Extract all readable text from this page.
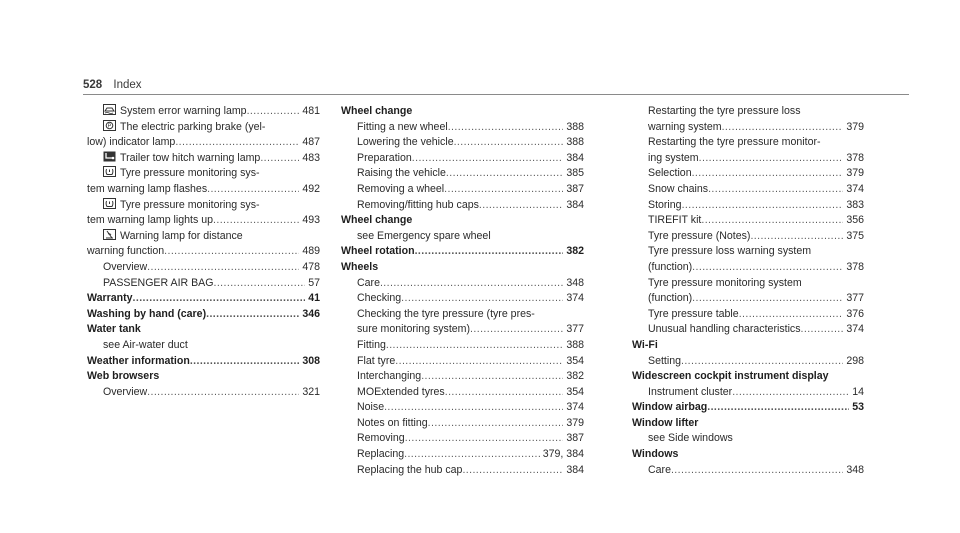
528 Index
System error warning lamp .....	481
P The electric parking brake (yel-
low) indicator lamp .....	487
Trailer tow hitch warning lamp .....	483
Tyre pressure monitoring sys-
tem warning lamp flashes .....	492
Tyre pressure monitoring sys-
tem warning lamp lights up .....	493
Warning lamp for distance
warning function .....	489
Overview .....	478
PASSENGER AIR BAG .....	57
Warranty .....	41
Washing by hand (care) .....	346
Water tank
see Air-water duct
Weather information .....	308
Web browsers
Overview .....	321
Wheel change
Fitting a new wheel .....	388
Lowering the vehicle .....	388
Preparation .....	384
Raising the vehicle .....	385
Removing a wheel .....	387
Removing/fitting hub caps .....	384
Wheel change
see Emergency spare wheel
Wheel rotation .....	382
Wheels
Care .....	348
Checking .....	374
Checking the tyre pressure (tyre pres-
sure monitoring system) .....	377
Fitting .....	388
Flat tyre .....	354
Interchanging .....	382
MOExtended tyres .....	354
Noise .....	374
Notes on fitting .....	379
Removing .....	387
Replacing .....	379, 384
Replacing the hub cap .....	384
Restarting the tyre pressure loss
warning system .....	379
Restarting the tyre pressure monitor-
ing system .....	378
Selection .....	379
Snow chains .....	374
Storing .....	383
TIREFIT kit .....	356
Tyre pressure (Notes) .....	375
Tyre pressure loss warning system
(function) .....	378
Tyre pressure monitoring system
(function) .....	377
Tyre pressure table .....	376
Unusual handling characteristics .....	374
Wi-Fi
Setting .....	298
Widescreen cockpit instrument display
Instrument cluster .....	14
Window airbag .....	53
Window lifter
see Side windows
Windows
Care .....	348
